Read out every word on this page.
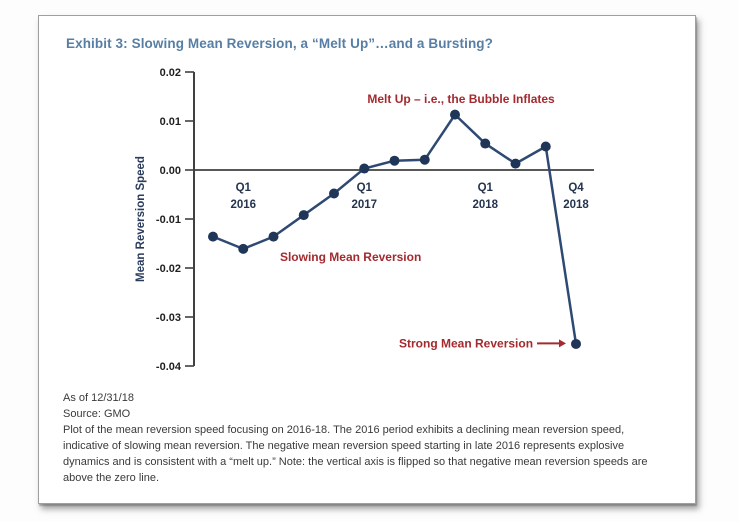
Exhibit 3: Slowing Mean Reversion, a “Melt Up”…and a Bursting?
0.02
0.01
0.00
-0.01
-0.02
-0.03
-0.04
Q1
2016
Q1
2017
Q1
2018
Q4
2018
Mean Reversion Speed
Melt Up – i.e., the Bubble Inflates
Slowing Mean Reversion
Strong Mean Reversion
As of 12/31/18
Source: GMO
Plot of the mean reversion speed focusing on 2016-18. The 2016 period exhibits a declining mean reversion speed, indicative of slowing mean reversion. The negative mean reversion speed starting in late 2016 represents explosive dynamics and is consistent with a “melt up.” Note: the vertical axis is flipped so that negative mean reversion speeds are above the zero line.
